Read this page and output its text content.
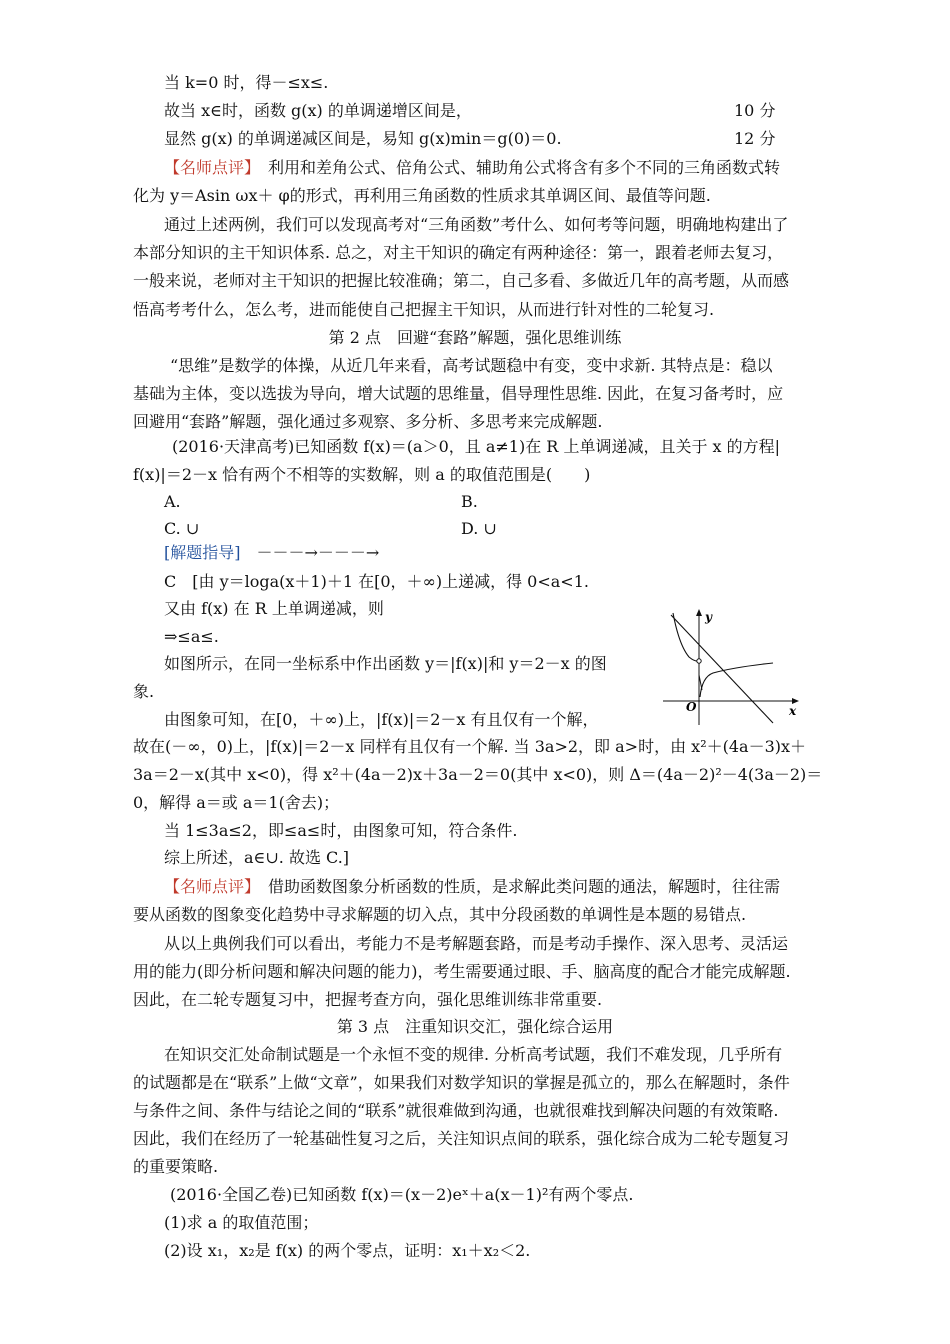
当 k=0 时，得－≤x≤.
故当 x∈时，函数 g(x) 的单调递增区间是，	10 分
显然 g(x) 的单调递减区间是，易知 g(x)min＝g(0)＝0.	12 分
【名师点评】　 利用和差角公式、倍角公式、辅助角公式将含有多个不同的三角函数式转
化为 y＝Asin ωx＋ φ的形式，再利用三角函数的性质求其单调区间、最值等问题.
通过上述两例，我们可以发现高考对“三角函数”考什么、如何考等问题，明确地构建出了
本部分知识的主干知识体系. 总之，对主干知识的确定有两种途径：第一，跟着老师去复习，
一般来说，老师对主干知识的把握比较准确；第二，自己多看、多做近几年的高考题，从而感
悟高考考什么，怎么考，进而能使自己把握主干知识，从而进行针对性的二轮复习.
第 2 点　回避“套路”解题，强化思维训练
“思维”是数学的体操，从近几年来看，高考试题稳中有变，变中求新. 其特点是：稳以
基础为主体，变以选拔为导向，增大试题的思维量，倡导理性思维. 因此，在复习备考时，应
回避用“套路”解题，强化通过多观察、多分析、多思考来完成解题.
(2016·天津高考)已知函数 f(x)＝(a＞0，且 a≠1)在 R 上单调递减，且关于 x 的方程|
f(x)|＝2－x 恰有两个不相等的实数解，则 a 的取值范围是(　　)
A.	B.
C. ∪	D. ∪
[解题指导]　 －－－→－－－→
C　[由 y＝loga(x＋1)＋1 在[0，＋∞)上递减，得 0<a<1.
又由 f(x) 在 R 上单调递减，则
⇒≤a≤.
如图所示，在同一坐标系中作出函数 y＝|f(x)|和 y＝2－x 的图
象.
由图象可知，在[0，＋∞)上，|f(x)|＝2－x 有且仅有一个解，
故在(－∞，0)上，|f(x)|＝2－x 同样有且仅有一个解. 当 3a>2，即 a>时，由 x²＋(4a－3)x＋
3a＝2－x(其中 x<0)，得 x²＋(4a－2)x＋3a－2＝0(其中 x<0)，则 Δ＝(4a－2)²－4(3a－2)＝
0，解得 a＝或 a＝1(舍去)；
当 1≤3a≤2，即≤a≤时，由图象可知，符合条件.
综上所述，a∈∪. 故选 C.]
【名师点评】　 借助函数图象分析函数的性质，是求解此类问题的通法，解题时，往往需
要从函数的图象变化趋势中寻求解题的切入点，其中分段函数的单调性是本题的易错点.
从以上典例我们可以看出，考能力不是考解题套路，而是考动手操作、深入思考、灵活运
用的能力(即分析问题和解决问题的能力)，考生需要通过眼、手、脑高度的配合才能完成解题.
因此，在二轮专题复习中，把握考查方向，强化思维训练非常重要.
第 3 点　注重知识交汇，强化综合运用
在知识交汇处命制试题是一个永恒不变的规律. 分析高考试题，我们不难发现，几乎所有
的试题都是在“联系”上做“文章”，如果我们对数学知识的掌握是孤立的，那么在解题时，条件
与条件之间、条件与结论之间的“联系”就很难做到沟通，也就很难找到解决问题的有效策略.
因此，我们在经历了一轮基础性复习之后，关注知识点间的联系，强化综合成为二轮专题复习
的重要策略.
(2016·全国乙卷)已知函数 f(x)＝(x－2)eˣ＋a(x－1)²有两个零点.
(1)求 a 的取值范围；
(2)设 x₁，x₂是 f(x) 的两个零点，证明：x₁＋x₂＜2.
y
x
O
